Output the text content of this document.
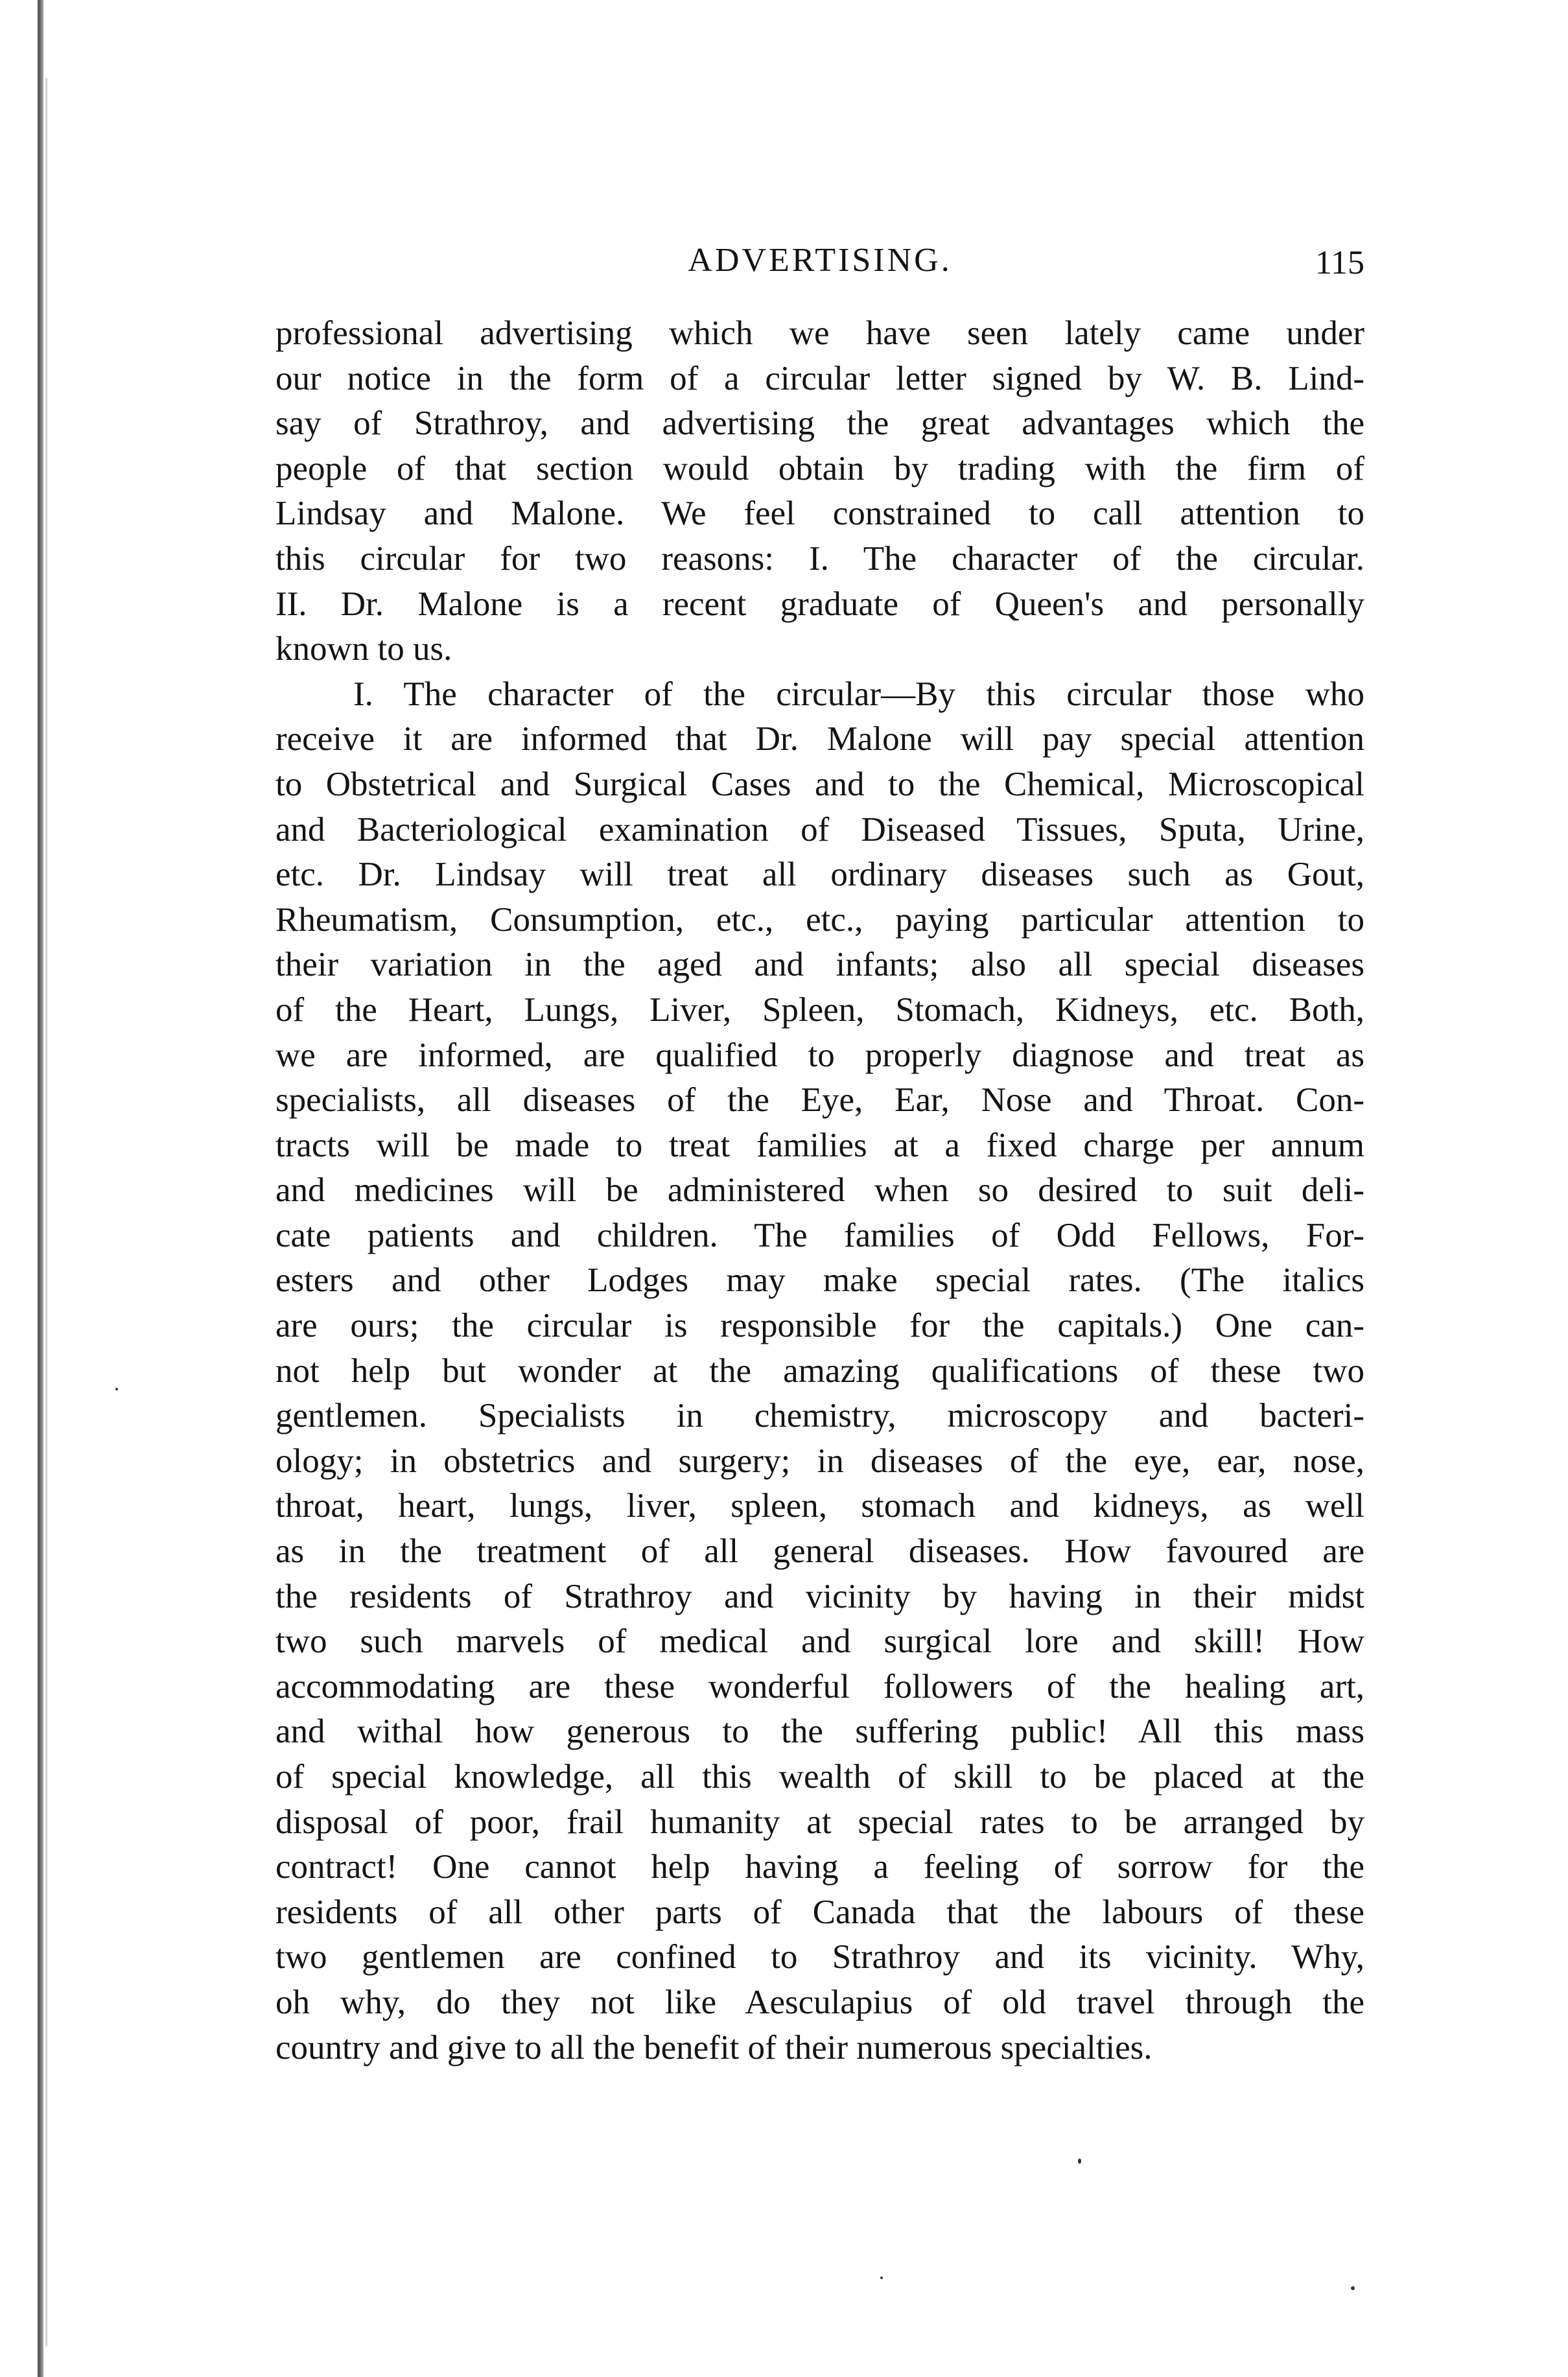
ADVERTISING.	115
professional advertising which we have seen lately came under
our notice in the form of a circular letter signed by W. B. Lind-
say of Strathroy, and advertising the great advantages which the
people of that section would obtain by trading with the firm of
Lindsay and Malone. We feel constrained to call attention to
this circular for two reasons: I. The character of the circular.
II. Dr. Malone is a recent graduate of Queen's and personally
known to us.
I. The character of the circular—By this circular those who
receive it are informed that Dr. Malone will pay special attention
to Obstetrical and Surgical Cases and to the Chemical, Microscopical
and Bacteriological examination of Diseased Tissues, Sputa, Urine,
etc. Dr. Lindsay will treat all ordinary diseases such as Gout,
Rheumatism, Consumption, etc., etc., paying particular attention to
their variation in the aged and infants; also all special diseases
of the Heart, Lungs, Liver, Spleen, Stomach, Kidneys, etc. Both,
we are informed, are qualified to properly diagnose and treat as
specialists, all diseases of the Eye, Ear, Nose and Throat. Con-
tracts will be made to treat families at a fixed charge per annum
and medicines will be administered when so desired to suit deli-
cate patients and children. The families of Odd Fellows, For-
esters and other Lodges may make special rates. (The italics
are ours; the circular is responsible for the capitals.) One can-
not help but wonder at the amazing qualifications of these two
gentlemen. Specialists in chemistry, microscopy and bacteri-
ology; in obstetrics and surgery; in diseases of the eye, ear, nose,
throat, heart, lungs, liver, spleen, stomach and kidneys, as well
as in the treatment of all general diseases. How favoured are
the residents of Strathroy and vicinity by having in their midst
two such marvels of medical and surgical lore and skill! How
accommodating are these wonderful followers of the healing art,
and withal how generous to the suffering public! All this mass
of special knowledge, all this wealth of skill to be placed at the
disposal of poor, frail humanity at special rates to be arranged by
contract! One cannot help having a feeling of sorrow for the
residents of all other parts of Canada that the labours of these
two gentlemen are confined to Strathroy and its vicinity. Why,
oh why, do they not like Aesculapius of old travel through the
country and give to all the benefit of their numerous specialties.
